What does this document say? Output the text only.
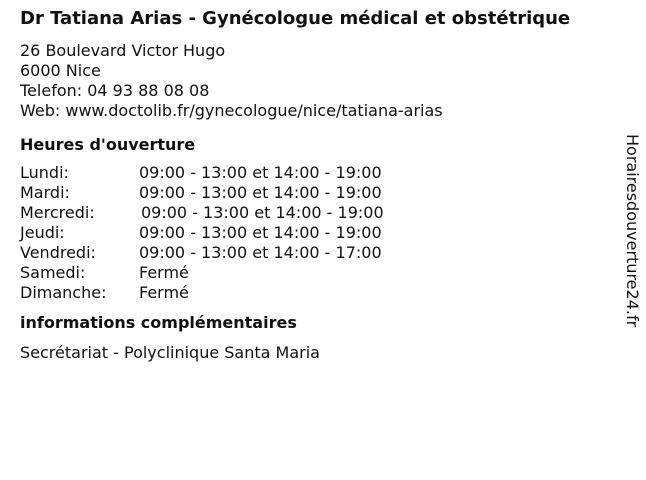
Dr Tatiana Arias - Gynécologue médical et obstétrique
26 Boulevard Victor Hugo
6000 Nice
Telefon: 04 93 88 08 08
Web: www.doctolib.fr/gynecologue/nice/tatiana-arias
Heures d'ouverture
Lundi:	09:00 - 13:00 et 14:00 - 19:00
Mardi:	09:00 - 13:00 et 14:00 - 19:00
Mercredi:	09:00 - 13:00 et 14:00 - 19:00
Jeudi:	09:00 - 13:00 et 14:00 - 19:00
Vendredi:	09:00 - 13:00 et 14:00 - 17:00
Samedi:	Fermé
Dimanche:	Fermé
informations complémentaires
Secrétariat - Polyclinique Santa Maria
Horairesdouverture24.fr
